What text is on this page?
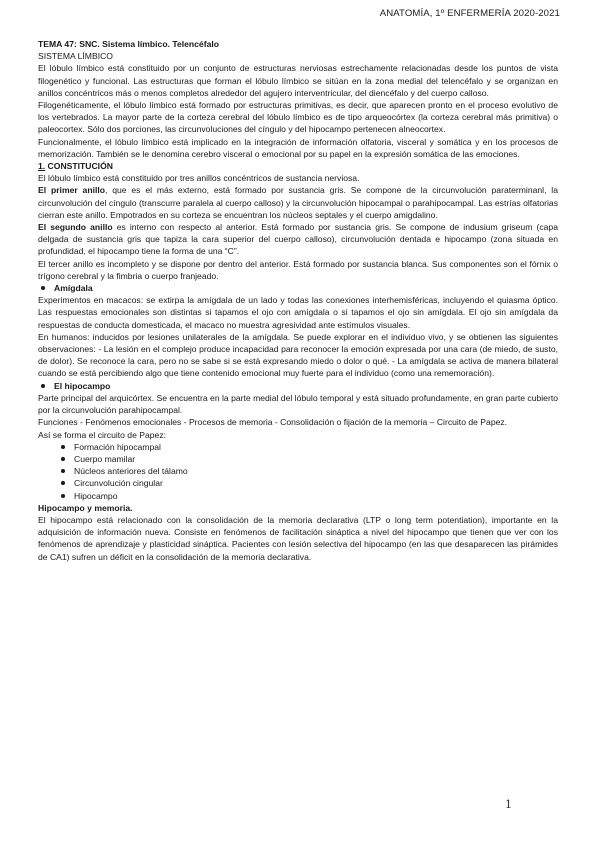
ANATOMÍA, 1º ENFERMERÍA 2020-2021

TEMA 47: SNC. Sistema límbico. Telencéfalo

SISTEMA LÍMBICO

El lóbulo límbico está constituido por un conjunto de estructuras nerviosas estrechamente relacionadas desde los puntos de vista filogenético y funcional. Las estructuras que forman el lóbulo límbico se sitúan en la zona medial del telencéfalo y se organizan en anillos concéntricos más o menos completos alrededor del agujero interventricular, del diencéfalo y del cuerpo calloso.

Filogenéticamente, el lóbulo límbico está formado por estructuras primitivas, es decir, que aparecen pronto en el proceso evolutivo de los vertebrados. La mayor parte de la corteza cerebral del lóbulo límbico es de tipo arqueocórtex (la corteza cerebral más primitiva) o paleocortex. Sólo dos porciones, las circunvoluciones del cíngulo y del hipocampo pertenecen alneocortex.

Funcionalmente, el lóbulo límbico está implicado en la integración de información olfatoria, visceral y somática y en los procesos de memorización. También se le denomina cerebro visceral o emocional por su papel en la expresión somática de las emociones.

1. CONSTITUCIÓN

El lóbulo límbico está constituido por tres anillos concéntricos de sustancia nerviosa.

El primer anillo, que es el más externo, está formado por sustancia gris. Se compone de la circunvolución paraterminanl, la circunvolución del cíngulo (transcurre paralela al cuerpo calloso) y la circunvolución hipocampal o parahipocampal. Las estrías olfatorias cierran este anillo. Empotrados en su corteza se encuentran los núcleos septales y el cuerpo amigdalino.

El segundo anillo es interno con respecto al anterior. Está formado por sustancia gris. Se compone de indusium griseum (capa delgada de sustancia gris que tapiza la cara superior del cuerpo calloso), circunvolución dentada e hipocampo (zona situada en profundidad, el hipocampo tiene la forma de una “C”.

El tercer anillo es incompleto y se dispone por dentro del anterior. Está formado por sustancia blanca. Sus componentes son el fórnix o trígono cerebral y la fimbria o cuerpo franjeado.

Amígdala

Experimentos en macacos: se extirpa la amígdala de un lado y todas las conexiones interhemisféricas, incluyendo el quiasma óptico. Las respuestas emocionales son distintas si tapamos el ojo con amígdala o si tapamos el ojo sin amígdala. El ojo sin amígdala da respuestas de conducta domesticada, el macaco no muestra agresividad ante estímulos visuales.

En humanos: inducidos por lesiones unilaterales de la amígdala. Se puede explorar en el individuo vivo, y se obtienen las siguientes observaciones: - La lesión en el complejo produce incapacidad para reconocer la emoción expresada por una cara (de miedo, de susto, de dolor). Se reconoce la cara, pero no se sabe si se está expresando miedo o dolor o qué. - La amígdala se activa de manera bilateral cuando se está percibiendo algo que tiene contenido emocional muy fuerte para el individuo (como una rememoración).

El hipocampo

Parte principal del arquicórtex. Se encuentra en la parte medial del lóbulo temporal y está situado profundamente, en gran parte cubierto por la circunvolución parahipocampal.

Funciones - Fenómenos emocionales - Procesos de memoria - Consolidación o fijación de la memoria – Circuito de Papez.

Así se forma el circuito de Papez:

Formación hipocampal
Cuerpo mamilar
Núcleos anteriores del tálamo
Circunvolución cingular
Hipocampo

Hipocampo y memoria.

El hipocampo está relacionado con la consolidación de la memoria declarativa (LTP o long term potentiation), importante en la adquisición de información nueva. Consiste en fenómenos de facilitación sináptica a nivel del hipocampo que tienen que ver con los fenómenos de aprendizaje y plasticidad sináptica. Pacientes con lesión selectiva del hipocampo (en las que desaparecen las pirámides de CA1) sufren un déficit en la consolidación de la memoria declarativa.

1
